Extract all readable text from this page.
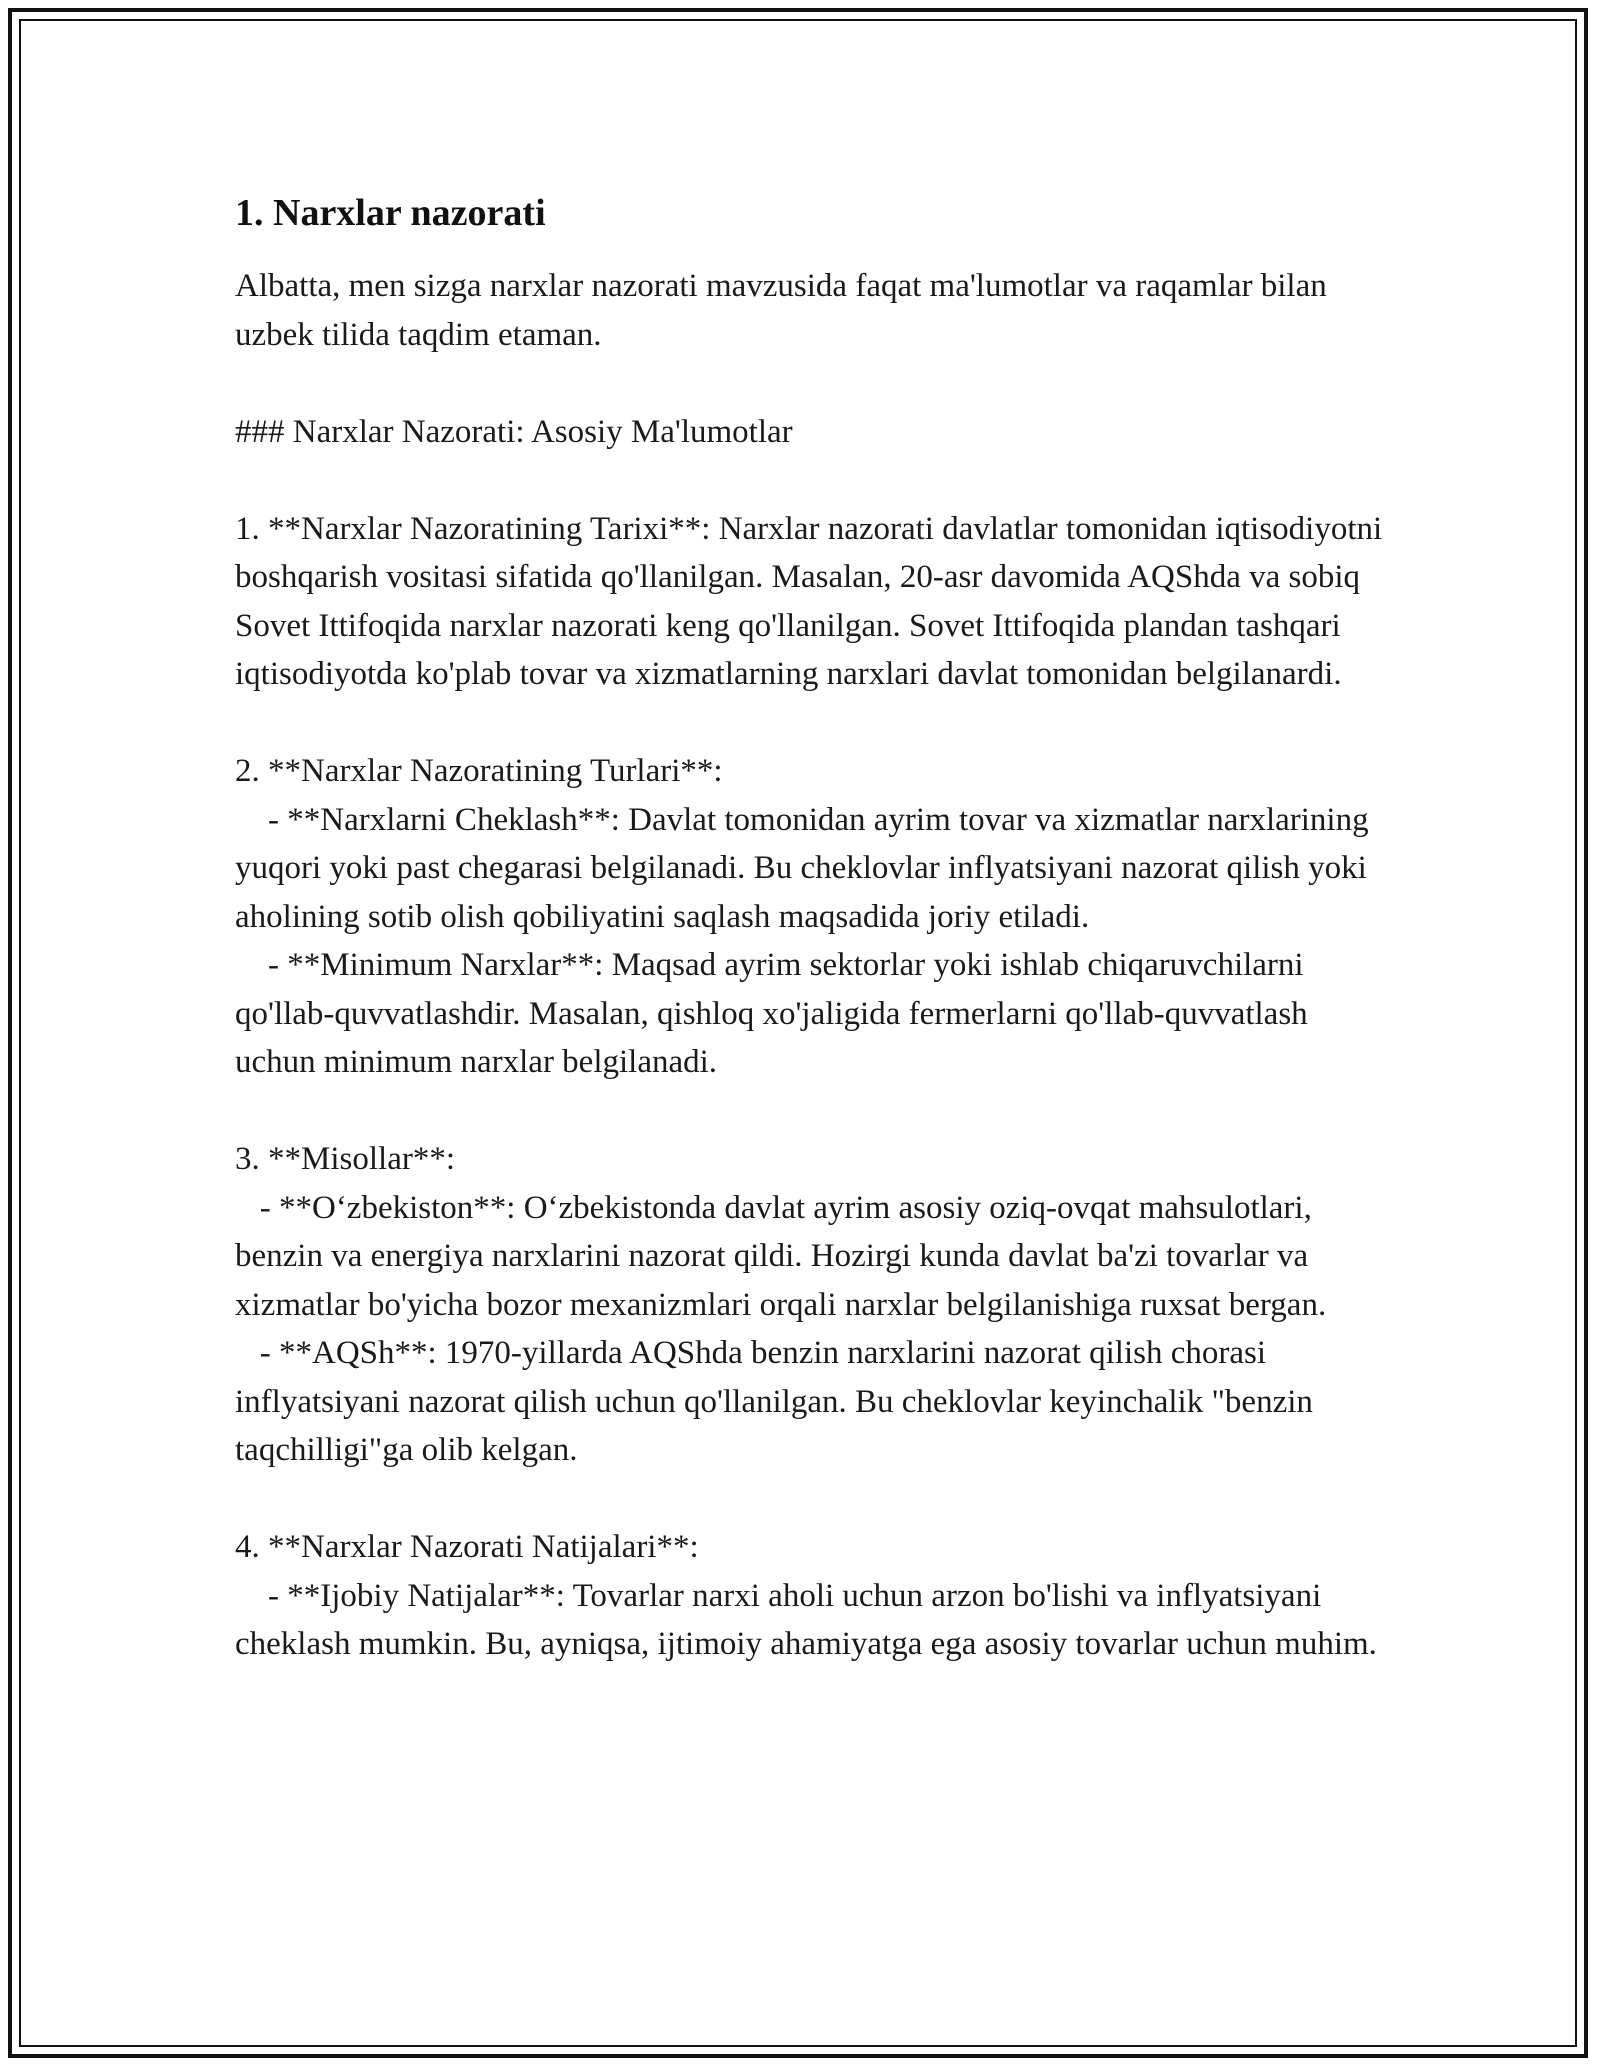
1. Narxlar nazorati

Albatta, men sizga narxlar nazorati mavzusida faqat ma'lumotlar va raqamlar bilan uzbek tilida taqdim etaman.

### Narxlar Nazorati: Asosiy Ma'lumotlar

1. **Narxlar Nazoratining Tarixi**: Narxlar nazorati davlatlar tomonidan iqtisodiyotni boshqarish vositasi sifatida qo'llanilgan. Masalan, 20-asr davomida AQShda va sobiq Sovet Ittifoqida narxlar nazorati keng qo'llanilgan. Sovet Ittifoqida plandan tashqari iqtisodiyotda ko'plab tovar va xizmatlarning narxlari davlat tomonidan belgilanardi.

2. **Narxlar Nazoratining Turlari**:

- **Narxlarni Cheklash**: Davlat tomonidan ayrim tovar va xizmatlar narxlarining yuqori yoki past chegarasi belgilanadi. Bu cheklovlar inflyatsiyani nazorat qilish yoki aholining sotib olish qobiliyatini saqlash maqsadida joriy etiladi.

- **Minimum Narxlar**: Maqsad ayrim sektorlar yoki ishlab chiqaruvchilarni qo'llab-quvvatlashdir. Masalan, qishloq xo'jaligida fermerlarni qo'llab-quvvatlash uchun minimum narxlar belgilanadi.

3. **Misollar**:

- **O‘zbekiston**: O‘zbekistonda davlat ayrim asosiy oziq-ovqat mahsulotlari, benzin va energiya narxlarini nazorat qildi. Hozirgi kunda davlat ba'zi tovarlar va xizmatlar bo'yicha bozor mexanizmlari orqali narxlar belgilanishiga ruxsat bergan.

- **AQSh**: 1970-yillarda AQShda benzin narxlarini nazorat qilish chorasi inflyatsiyani nazorat qilish uchun qo'llanilgan. Bu cheklovlar keyinchalik "benzin taqchilligi"ga olib kelgan.

4. **Narxlar Nazorati Natijalari**:

- **Ijobiy Natijalar**: Tovarlar narxi aholi uchun arzon bo'lishi va inflyatsiyani cheklash mumkin. Bu, ayniqsa, ijtimoiy ahamiyatga ega asosiy tovarlar uchun muhim.
